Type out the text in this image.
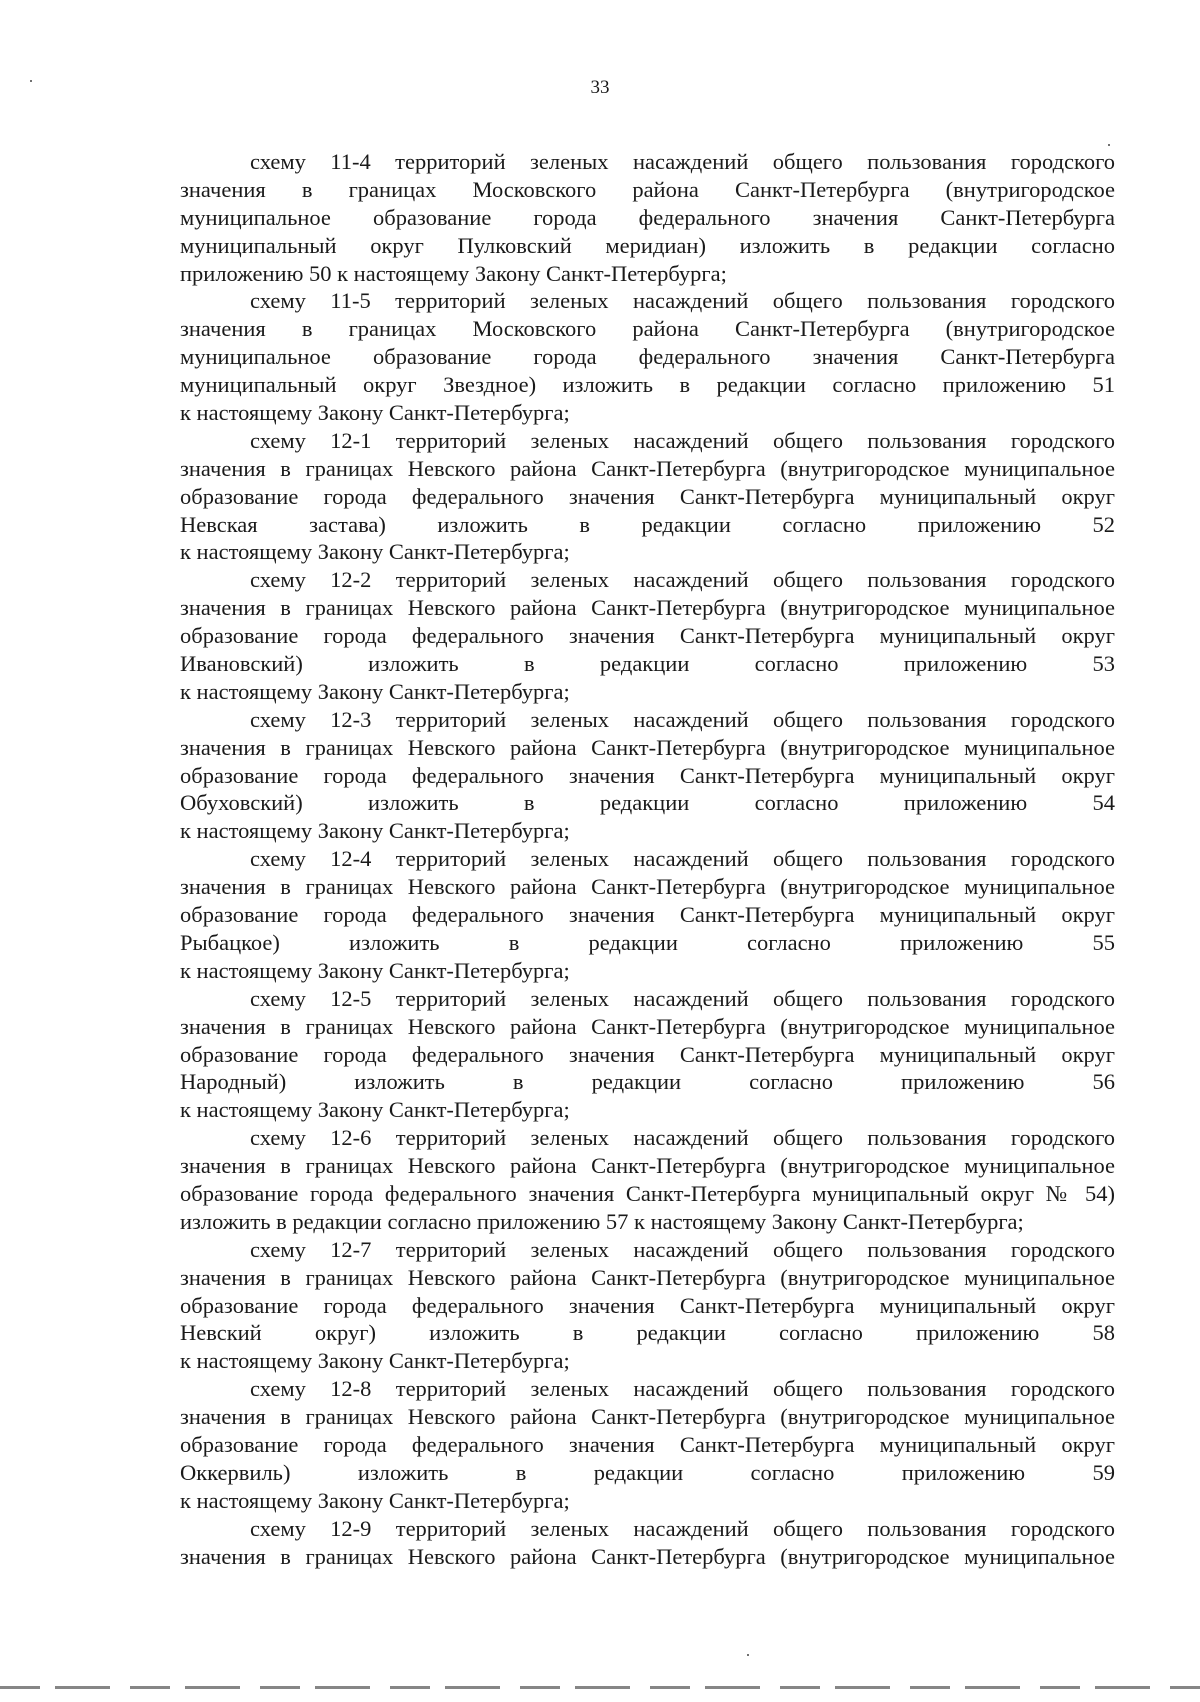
33
схему 11-4 территорий зеленых насаждений общего пользования городского
значения в границах Московского района Санкт-Петербурга (внутригородское
муниципальное образование города федерального значения Санкт-Петербурга
муниципальный округ Пулковский меридиан) изложить в редакции согласно
приложению 50 к настоящему Закону Санкт-Петербурга;
схему 11-5 территорий зеленых насаждений общего пользования городского
значения в границах Московского района Санкт-Петербурга (внутригородское
муниципальное образование города федерального значения Санкт-Петербурга
муниципальный округ Звездное) изложить в редакции согласно приложению 51
к настоящему Закону Санкт-Петербурга;
схему 12-1 территорий зеленых насаждений общего пользования городского
значения в границах Невского района Санкт-Петербурга (внутригородское муниципальное
образование города федерального значения Санкт-Петербурга муниципальный округ
Невская застава) изложить в редакции согласно приложению 52
к настоящему Закону Санкт-Петербурга;
схему 12-2 территорий зеленых насаждений общего пользования городского
значения в границах Невского района Санкт-Петербурга (внутригородское муниципальное
образование города федерального значения Санкт-Петербурга муниципальный округ
Ивановский) изложить в редакции согласно приложению 53
к настоящему Закону Санкт-Петербурга;
схему 12-3 территорий зеленых насаждений общего пользования городского
значения в границах Невского района Санкт-Петербурга (внутригородское муниципальное
образование города федерального значения Санкт-Петербурга муниципальный округ
Обуховский) изложить в редакции согласно приложению 54
к настоящему Закону Санкт-Петербурга;
схему 12-4 территорий зеленых насаждений общего пользования городского
значения в границах Невского района Санкт-Петербурга (внутригородское муниципальное
образование города федерального значения Санкт-Петербурга муниципальный округ
Рыбацкое) изложить в редакции согласно приложению 55
к настоящему Закону Санкт-Петербурга;
схему 12-5 территорий зеленых насаждений общего пользования городского
значения в границах Невского района Санкт-Петербурга (внутригородское муниципальное
образование города федерального значения Санкт-Петербурга муниципальный округ
Народный) изложить в редакции согласно приложению 56
к настоящему Закону Санкт-Петербурга;
схему 12-6 территорий зеленых насаждений общего пользования городского
значения в границах Невского района Санкт-Петербурга (внутригородское муниципальное
образование города федерального значения Санкт-Петербурга муниципальный округ № 54)
изложить в редакции согласно приложению 57 к настоящему Закону Санкт-Петербурга;
схему 12-7 территорий зеленых насаждений общего пользования городского
значения в границах Невского района Санкт-Петербурга (внутригородское муниципальное
образование города федерального значения Санкт-Петербурга муниципальный округ
Невский округ) изложить в редакции согласно приложению 58
к настоящему Закону Санкт-Петербурга;
схему 12-8 территорий зеленых насаждений общего пользования городского
значения в границах Невского района Санкт-Петербурга (внутригородское муниципальное
образование города федерального значения Санкт-Петербурга муниципальный округ
Оккервиль) изложить в редакции согласно приложению 59
к настоящему Закону Санкт-Петербурга;
схему 12-9 территорий зеленых насаждений общего пользования городского
значения в границах Невского района Санкт-Петербурга (внутригородское муниципальное
